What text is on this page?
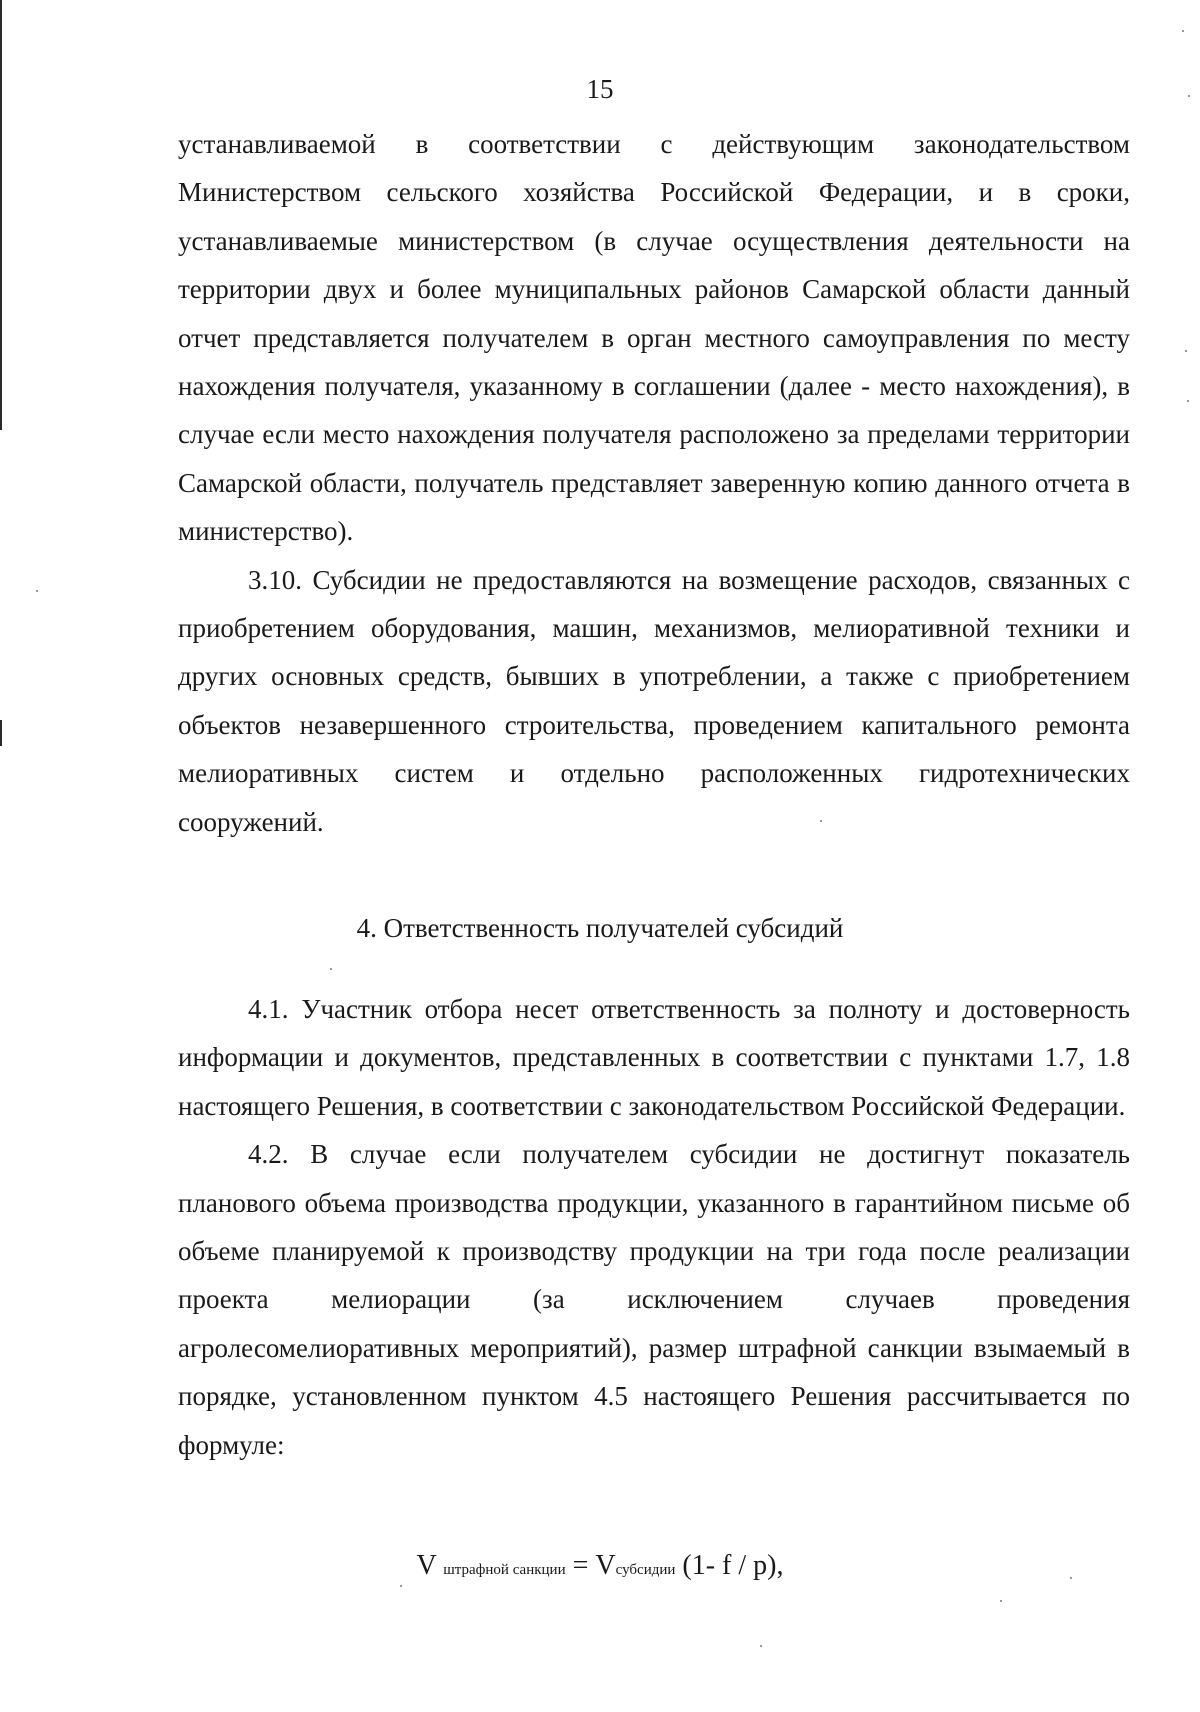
15

устанавливаемой в соответствии с действующим законодательством Министерством сельского хозяйства Российской Федерации, и в сроки, устанавливаемые министерством (в случае осуществления деятельности на территории двух и более муниципальных районов Самарской области данный отчет представляется получателем в орган местного самоуправления по месту нахождения получателя, указанному в соглашении (далее - место нахождения), в случае если место нахождения получателя расположено за пределами территории Самарской области, получатель представляет заверенную копию данного отчета в министерство).

3.10. Субсидии не предоставляются на возмещение расходов, связанных с приобретением оборудования, машин, механизмов, мелиоративной техники и других основных средств, бывших в употреблении, а также с приобретением объектов незавершенного строительства, проведением капитального ремонта мелиоративных систем и отдельно расположенных гидротехнических сооружений.

4. Ответственность получателей субсидий

4.1. Участник отбора несет ответственность за полноту и достоверность информации и документов, представленных в соответствии с пунктами 1.7, 1.8 настоящего Решения, в соответствии с законодательством Российской Федерации.

4.2. В случае если получателем субсидии не достигнут показатель планового объема производства продукции, указанного в гарантийном письме об объеме планируемой к производству продукции на три года после реализации проекта мелиорации (за исключением случаев проведения агролесомелиоративных мероприятий), размер штрафной санкции взымаемый в порядке, установленном пунктом 4.5 настоящего Решения рассчитывается по формуле:

V штрафной санкции = Vсубсидии (1- f / p),
